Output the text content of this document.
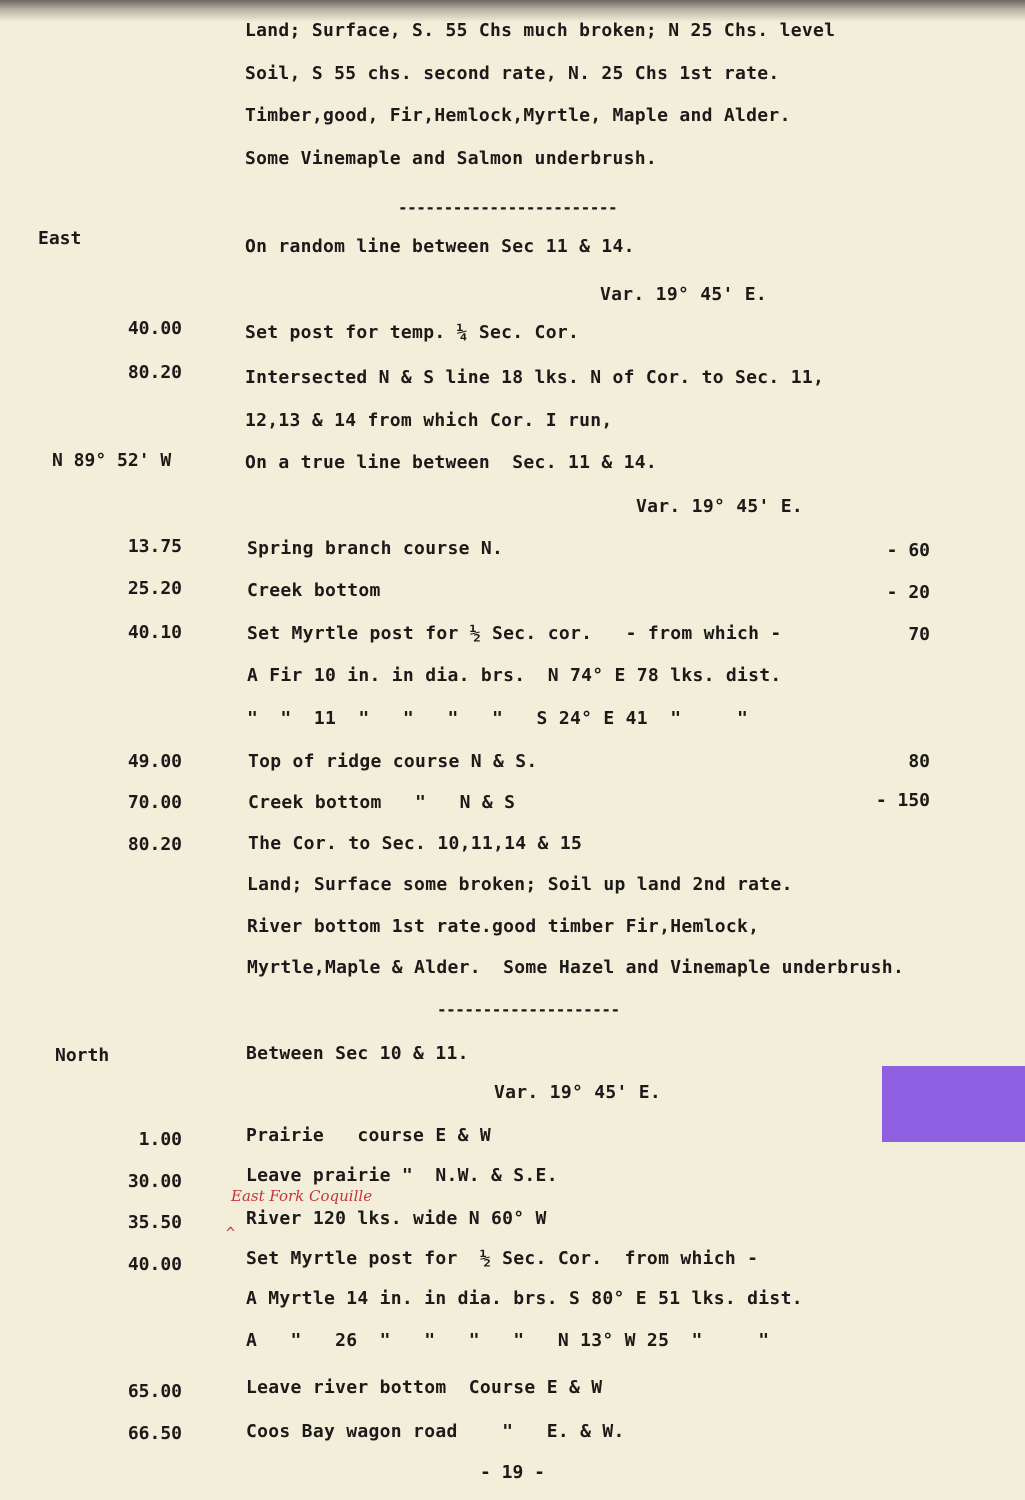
Land; Surface, S. 55 Chs much broken; N 25 Chs. level
Soil, S 55 chs. second rate, N. 25 Chs 1st rate.
Timber,good, Fir,Hemlock,Myrtle, Maple and Alder.
Some Vinemaple and Salmon underbrush.
------------------------
East	On random line between Sec 11 & 14.
Var. 19° 45' E.
40.00	Set post for temp. ¼ Sec. Cor.
80.20	Intersected N & S line 18 lks. N of Cor. to Sec. 11,
12,13 & 14 from which Cor. I run,
N 89° 52' W	On a true line between  Sec. 11 & 14.
Var. 19° 45' E.
13.75	Spring branch course N.	- 60
25.20	Creek bottom	- 20
40.10	Set Myrtle post for ½ Sec. cor.   - from which -	70
A Fir 10 in. in dia. brs.  N 74° E 78 lks. dist.
"  "  11  "   "   "   "   S 24° E 41  "     "
49.00	Top of ridge course N & S.	80
70.00	Creek bottom   "   N & S	- 150
80.20	The Cor. to Sec. 10,11,14 & 15
Land; Surface some broken; Soil up land 2nd rate.
River bottom 1st rate.good timber Fir,Hemlock,
Myrtle,Maple & Alder.  Some Hazel and Vinemaple underbrush.
--------------------
North	Between Sec 10 & 11.
Var. 19° 45' E.
1.00	Prairie   course E & W
30.00	Leave prairie "  N.W. & S.E.
East Fork Coquille
^
35.50	River 120 lks. wide N 60° W
40.00	Set Myrtle post for  ½ Sec. Cor.  from which -
A Myrtle 14 in. in dia. brs. S 80° E 51 lks. dist.
A   "   26  "   "   "   "   N 13° W 25  "     "
65.00	Leave river bottom  Course E & W
66.50	Coos Bay wagon road    "   E. & W.
- 19 -
